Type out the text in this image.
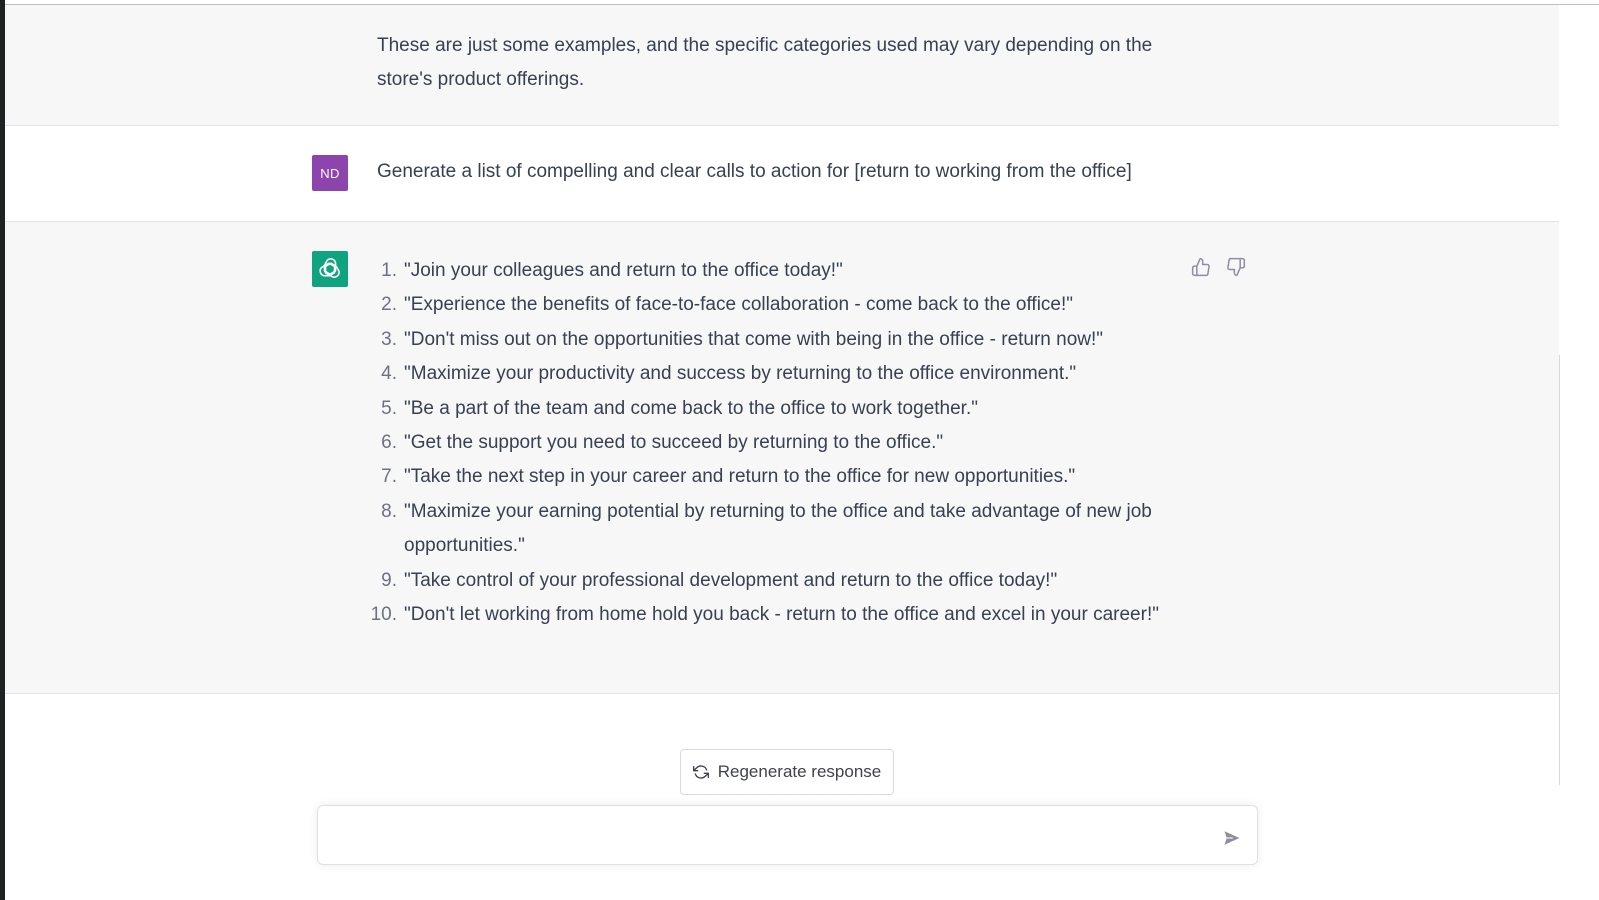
These are just some examples, and the specific categories used may vary depending on the store's product offerings.
ND Generate a list of compelling and clear calls to action for [return to working from the office]
1. "Join your colleagues and return to the office today!"
2. "Experience the benefits of face-to-face collaboration - come back to the office!"
3. "Don't miss out on the opportunities that come with being in the office - return now!"
4. "Maximize your productivity and success by returning to the office environment."
5. "Be a part of the team and come back to the office to work together."
6. "Get the support you need to succeed by returning to the office."
7. "Take the next step in your career and return to the office for new opportunities."
8. "Maximize your earning potential by returning to the office and take advantage of new job opportunities."
9. "Take control of your professional development and return to the office today!"
10. "Don't let working from home hold you back - return to the office and excel in your career!"
Regenerate response
